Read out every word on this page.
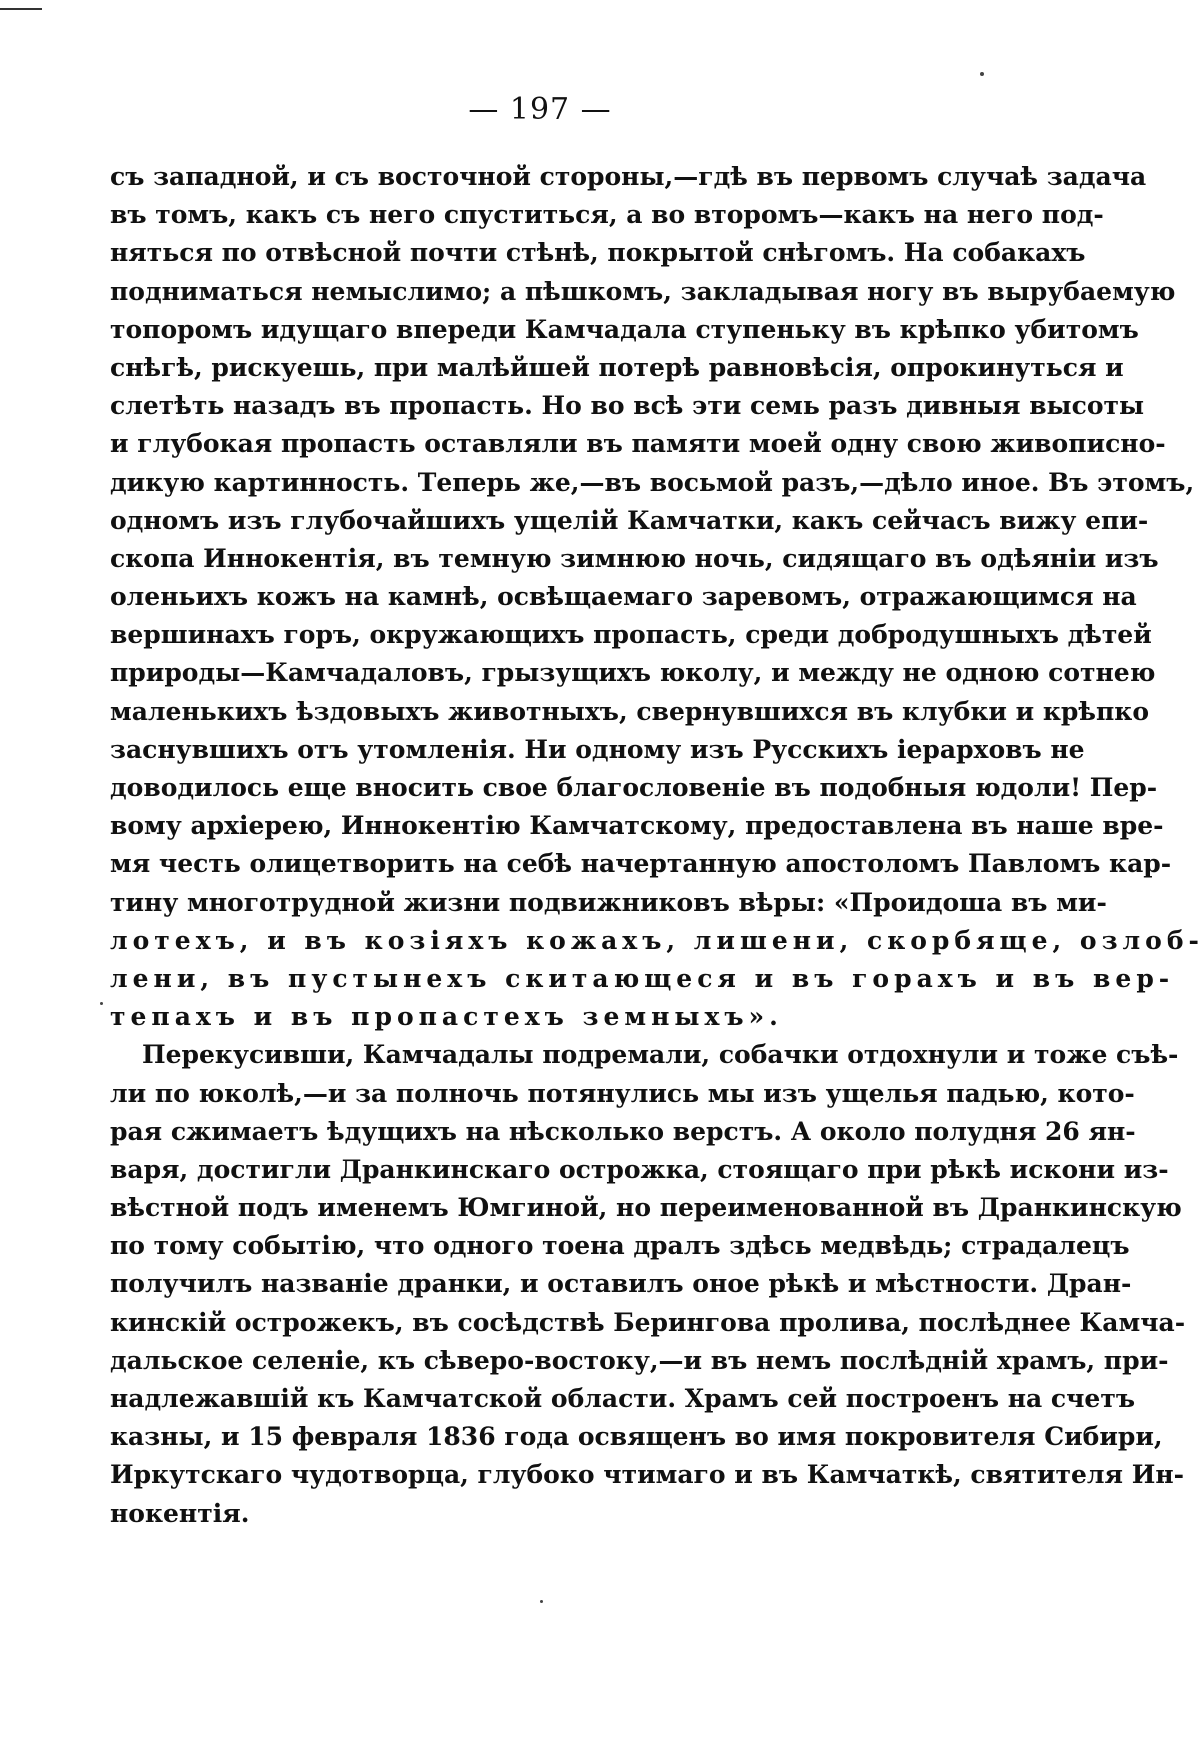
— 197 —
съ западной, и съ восточной стороны,—гдѣ въ первомъ случаѣ задача
въ томъ, какъ съ него спуститься, а во второмъ—какъ на него под-
няться по отвѣсной почти стѣнѣ, покрытой снѣгомъ. На собакахъ
подниматься немыслимо; а пѣшкомъ, закладывая ногу въ вырубаемую
топоромъ идущаго впереди Камчадала ступеньку въ крѣпко убитомъ
снѣгѣ, рискуешь, при малѣйшей потерѣ равновѣсія, опрокинуться и
слетѣть назадъ въ пропасть. Но во всѣ эти семь разъ дивныя высоты
и глубокая пропасть оставляли въ памяти моей одну свою живописно-
дикую картинность. Теперь же,—въ восьмой разъ,—дѣло иное. Въ этомъ,
одномъ изъ глубочайшихъ ущелій Камчатки, какъ сейчасъ вижу епи-
скопа Иннокентія, въ темную зимнюю ночь, сидящаго въ одѣяніи изъ
оленьихъ кожъ на камнѣ, освѣщаемаго заревомъ, отражающимся на
вершинахъ горъ, окружающихъ пропасть, среди добродушныхъ дѣтей
природы—Камчадаловъ, грызущихъ юколу, и между не одною сотнею
маленькихъ ѣздовыхъ животныхъ, свернувшихся въ клубки и крѣпко
заснувшихъ отъ утомленія. Ни одному изъ Русскихъ іерарховъ не
доводилось еще вносить свое благословеніе въ подобныя юдоли! Пер-
вому архіерею, Иннокентію Камчатскому, предоставлена въ наше вре-
мя честь олицетворить на себѣ начертанную апостоломъ Павломъ кар-
тину многотрудной жизни подвижниковъ вѣры: «Проидоша въ ми-
лотехъ, и въ козіяхъ кожахъ, лишени, скорбяще, озлоб-
лени, въ пустынехъ скитающеся и въ горахъ и въ вер-
тепахъ и въ пропастехъ земныхъ».
Перекусивши, Камчадалы подремали, собачки отдохнули и тоже съѣ-
ли по юколѣ,—и за полночь потянулись мы изъ ущелья падью, кото-
рая сжимаетъ ѣдущихъ на нѣсколько верстъ. А около полудня 26 ян-
варя, достигли Дранкинскаго острожка, стоящаго при рѣкѣ искони из-
вѣстной подъ именемъ Юмгиной, но переименованной въ Дранкинскую
по тому событію, что одного тоена дралъ здѣсь медвѣдь; страдалецъ
получилъ названіе дранки, и оставилъ оное рѣкѣ и мѣстности. Дран-
кинскій острожекъ, въ сосѣдствѣ Берингова пролива, послѣднее Камча-
дальское селеніе, къ сѣверо-востоку,—и въ немъ послѣдній храмъ, при-
надлежавшій къ Камчатской области. Храмъ сей построенъ на счетъ
казны, и 15 февраля 1836 года освященъ во имя покровителя Сибири,
Иркутскаго чудотворца, глубоко чтимаго и въ Камчаткѣ, святителя Ин-
нокентія.
